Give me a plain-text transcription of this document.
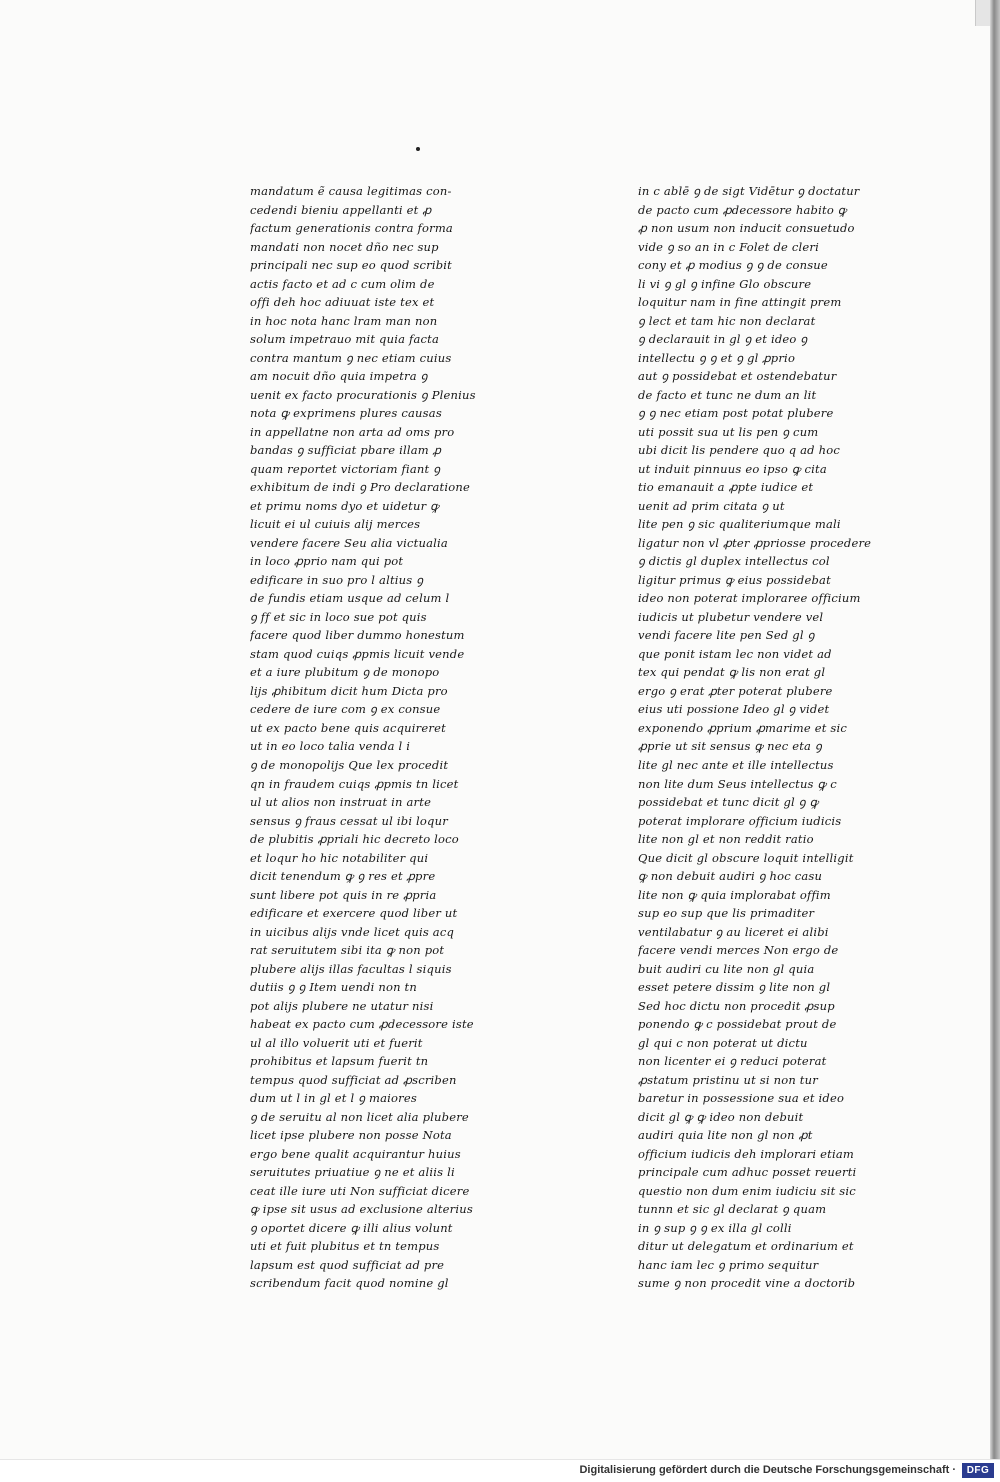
mandatum ẽ causa legitimas con-
cedendi bieniu appellanti et ꝓ
factum generationis contra forma
mandati non nocet dño nec sup
principali nec sup eo quod scribit
actis facto et ad c cum olim de
offi deh hoc adiuuat iste tex et
in hoc nota hanc lram man non
solum impetrauo mit quia facta
contra mantum ꝯ nec etiam cuius
am nocuit dño quia impetra ꝯ
uenit ex facto procurationis ꝯ Plenius
nota ꝙ exprimens plures causas
in appellatne non arta ad oms pro
bandas ꝯ sufficiat pbare illam ꝓ
quam reportet victoriam fiant ꝯ
exhibitum de indi ꝯ Pro declaratione
et primu noms dyo et uidetur ꝙ
licuit ei ul cuiuis alij merces
vendere facere Seu alia victualia
in loco ꝓprio nam qui pot
edificare in suo pro l altius ꝯ
de fundis etiam usque ad celum l
ꝯ ff et sic in loco sue pot quis
facere quod liber dummo honestum
stam quod cuiqs ꝓpmis licuit vende
et a iure plubitum ꝯ de monopo
lijs ꝓhibitum dicit hum Dicta pro
cedere de iure com ꝯ ex consue
ut ex pacto bene quis acquireret
ut in eo loco talia venda l i
ꝯ de monopolijs Que lex procedit
qn in fraudem cuiqs ꝓpmis tn licet
ul ut alios non instruat in arte
sensus ꝯ fraus cessat ul ibi loqur
de plubitis ꝓpriali hic decreto loco
et loqur ho hic notabiliter qui
dicit tenendum ꝙ ꝯ res et ꝓpre
sunt libere pot quis in re ꝓpria
edificare et exercere quod liber ut
in uicibus alijs vnde licet quis acq
rat seruitutem sibi ita ꝙ non pot
plubere alijs illas facultas l siquis
dutiis ꝯ ꝯ Item uendi non tn
pot alijs plubere ne utatur nisi
habeat ex pacto cum ꝓdecessore iste
ul al illo voluerit uti et fuerit
prohibitus et lapsum fuerit tn
tempus quod sufficiat ad ꝓscriben
dum ut l in gl et l ꝯ maiores
ꝯ de seruitu al non licet alia plubere
licet ipse plubere non posse Nota
ergo bene qualit acquirantur huius
seruitutes priuatiue ꝯ ne et aliis li
ceat ille iure uti Non sufficiat dicere
ꝙ ipse sit usus ad exclusione alterius
ꝯ oportet dicere ꝙ illi alius volunt
uti et fuit plubitus et tn tempus
lapsum est quod sufficiat ad pre
scribendum facit quod nomine gl
in c ablē ꝯ de sigt Vidētur ꝯ doctatur
de pacto cum ꝓdecessore habito ꝙ
ꝓ non usum non inducit consuetudo
vide ꝯ so an in c Folet de cleri
cony et ꝓ modius ꝯ ꝯ de consue
li vi ꝯ gl ꝯ infine Glo obscure
loquitur nam in fine attingit prem
ꝯ lect et tam hic non declarat
ꝯ declarauit in gl ꝯ et ideo ꝯ
intellectu ꝯ ꝯ et ꝯ gl ꝓprio
aut ꝯ possidebat et ostendebatur
de facto et tunc ne dum an lit
ꝯ ꝯ nec etiam post potat plubere
uti possit sua ut lis pen ꝯ cum
ubi dicit lis pendere quo q ad hoc
ut induit pinnuus eo ipso ꝙ cita
tio emanauit a ꝓpte iudice et
uenit ad prim citata ꝯ ut
lite pen ꝯ sic qualiteriumque mali
ligatur non vl ꝓter ꝓpriosse procedere
ꝯ dictis gl duplex intellectus col
ligitur primus ꝙ eius possidebat
ideo non poterat imploraree officium
iudicis ut plubetur vendere vel
vendi facere lite pen Sed gl ꝯ
que ponit istam lec non videt ad
tex qui pendat ꝙ lis non erat gl
ergo ꝯ erat ꝓter poterat plubere
eius uti possione Ideo gl ꝯ videt
exponendo ꝓprium ꝓmarime et sic
ꝓprie ut sit sensus ꝙ nec eta ꝯ
lite gl nec ante et ille intellectus
non lite dum Seus intellectus ꝙ c
possidebat et tunc dicit gl ꝯ ꝙ
poterat implorare officium iudicis
lite non gl et non reddit ratio
Que dicit gl obscure loquit intelligit
ꝙ non debuit audiri ꝯ hoc casu
lite non ꝙ quia implorabat offim
sup eo sup que lis primaditer
ventilabatur ꝯ au liceret ei alibi
facere vendi merces Non ergo de
buit audiri cu lite non gl quia
esset petere dissim ꝯ lite non gl
Sed hoc dictu non procedit ꝓsup
ponendo ꝙ c possidebat prout de
gl qui c non poterat ut dictu
non licenter ei ꝯ reduci poterat
ꝓstatum pristinu ut si non tur
baretur in possessione sua et ideo
dicit gl ꝙ ꝙ ideo non debuit
audiri quia lite non gl non ꝓt
officium iudicis deh implorari etiam
principale cum adhuc posset reuerti
questio non dum enim iudiciu sit sic
tunnn et sic gl declarat ꝯ quam
in ꝯ sup ꝯ ꝯ ex illa gl colli
ditur ut delegatum et ordinarium et
hanc iam lec ꝯ primo sequitur
sume ꝯ non procedit vine a doctorib
Digitalisierung gefördert durch die Deutsche Forschungsgemeinschaft ·	DFG
